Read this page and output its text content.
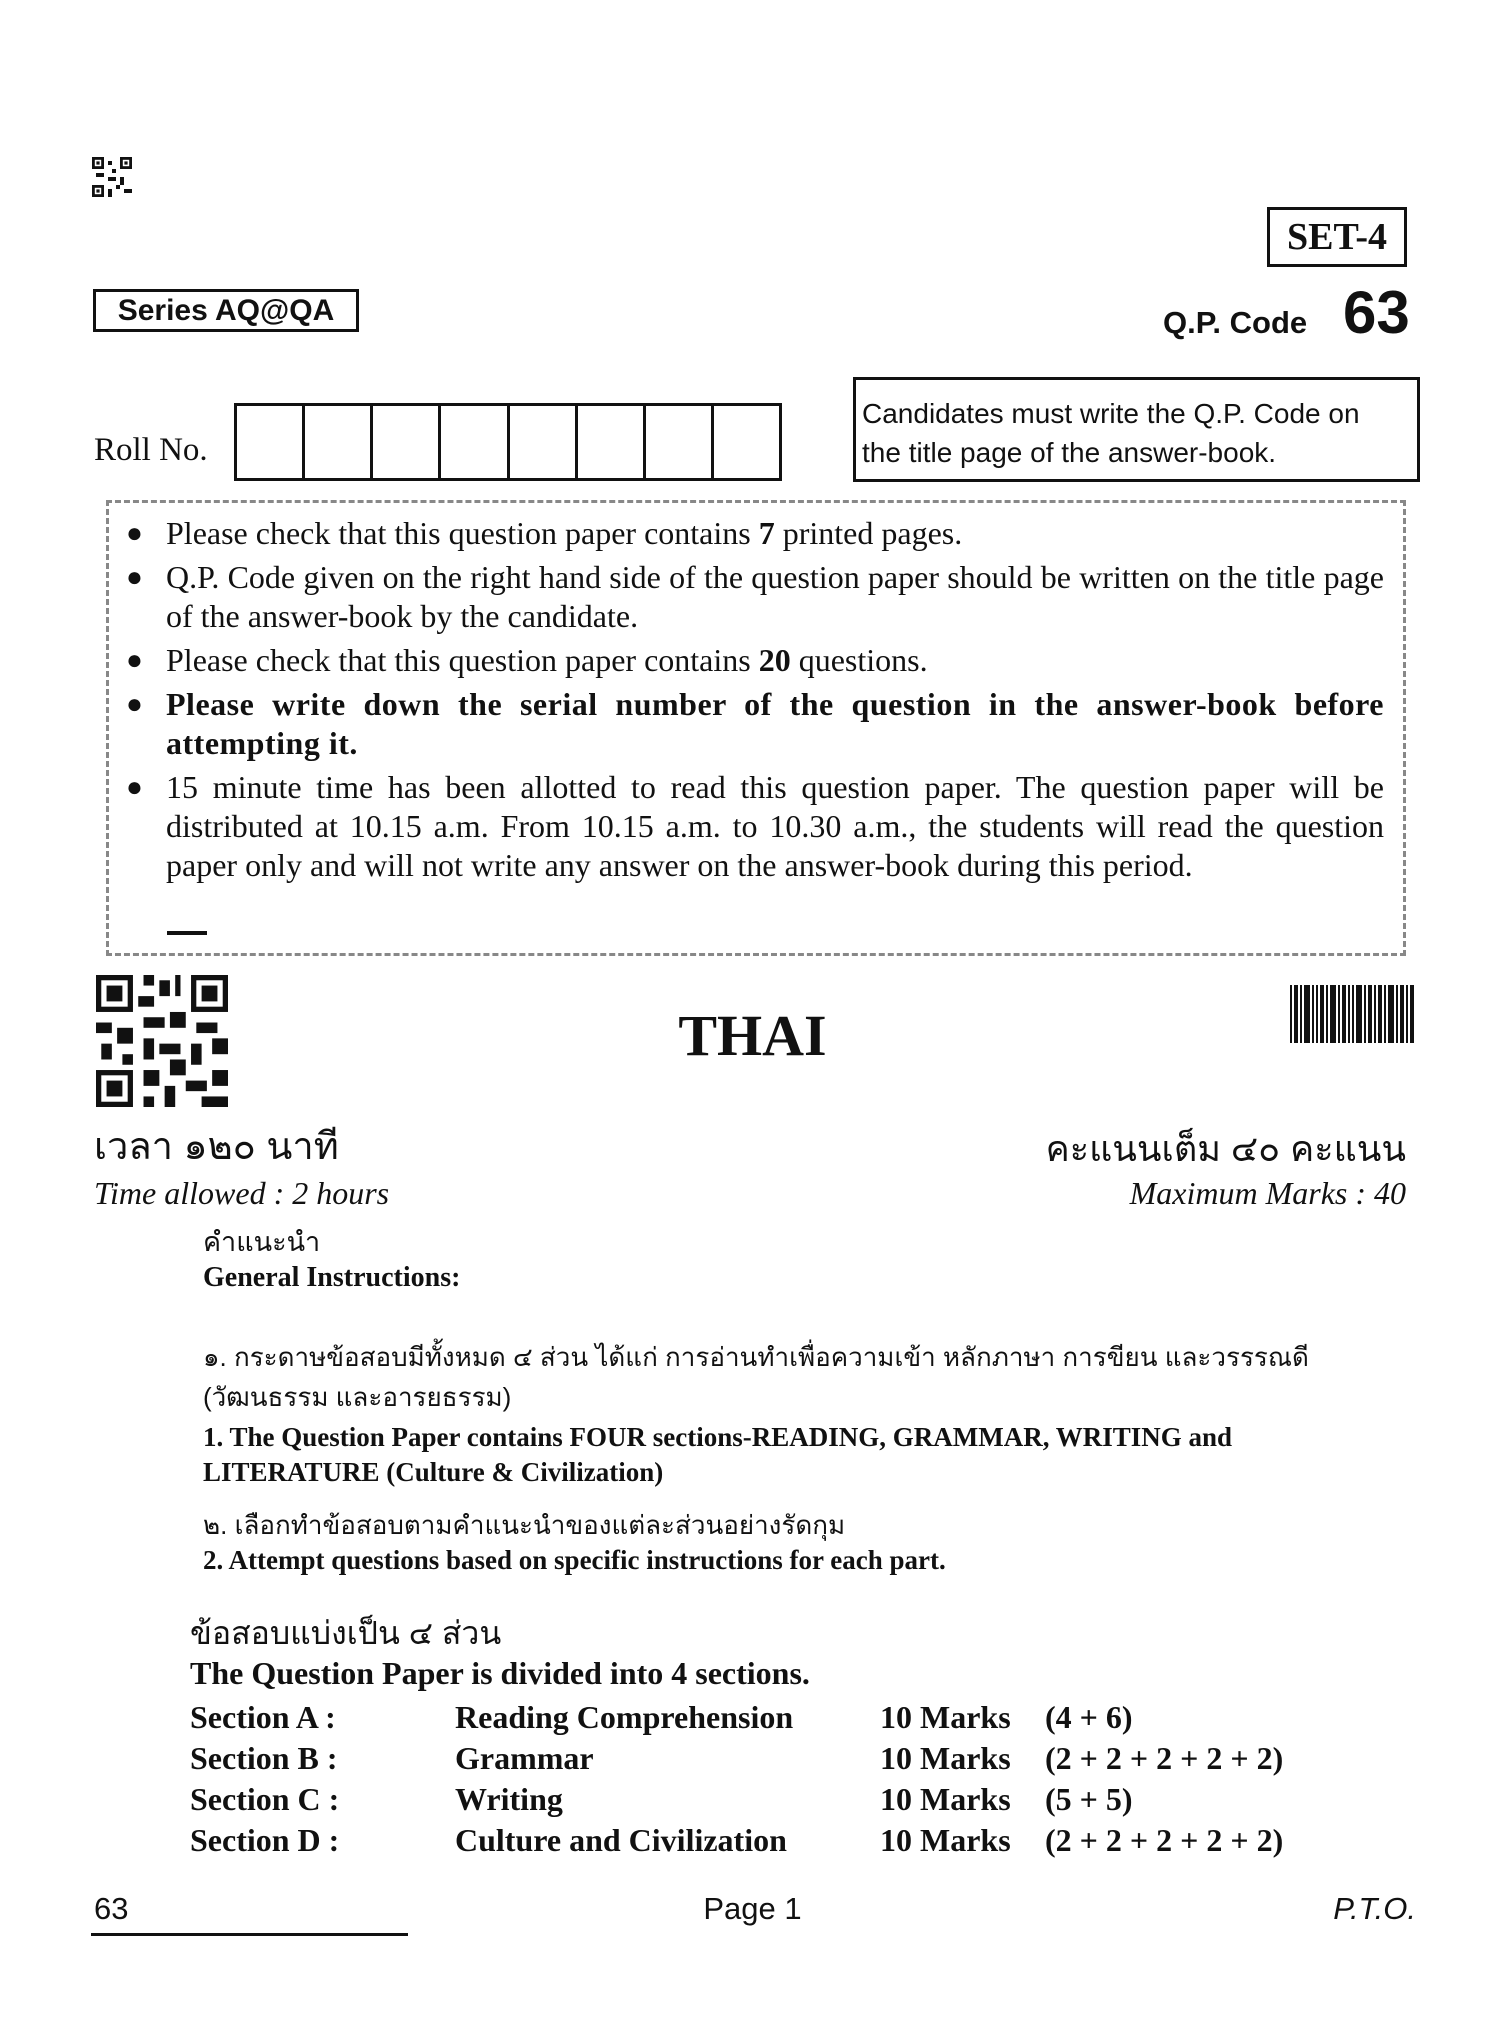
SET-4
Series AQ@QA	Q.P. Code 63
Roll No.
Candidates must write the Q.P. Code on
the title page of the answer-book.
● Please check that this question paper contains 7 printed pages.
● Q.P. Code given on the right hand side of the question paper should be written on the title page of the answer-book by the candidate.
● Please check that this question paper contains 20 questions.
● Please write down the serial number of the question in the answer-book before attempting it.
● 15 minute time has been allotted to read this question paper. The question paper will be distributed at 10.15 a.m. From 10.15 a.m. to 10.30 a.m., the students will read the question paper only and will not write any answer on the answer-book during this period.
THAI
เวลา ๑๒๐ นาที	คะแนนเต็ม ๔๐ คะแนน
Time allowed : 2 hours	Maximum Marks : 40
คำแนะนำ
General Instructions:
๑. กระดาษข้อสอบมีทั้งหมด ๔ ส่วน ได้แก่ การอ่านทำเพื่อความเข้า หลักภาษา การขียน และวรรรณดี (วัฒนธรรม และอารยธรรม)
1. The Question Paper contains FOUR sections-READING, GRAMMAR, WRITING and LITERATURE (Culture & Civilization)
๒. เลือกทำข้อสอบตามคำแนะนำของแต่ละส่วนอย่างรัดกุม
2. Attempt questions based on specific instructions for each part.
ข้อสอบแบ่งเป็น ๔ ส่วน
The Question Paper is divided into 4 sections.
Section A :	Reading Comprehension	10 Marks	(4 + 6)
Section B :	Grammar	10 Marks	(2 + 2 + 2 + 2 + 2)
Section C :	Writing	10 Marks	(5 + 5)
Section D :	Culture and Civilization	10 Marks	(2 + 2 + 2 + 2 + 2)
63	Page 1	P.T.O.
